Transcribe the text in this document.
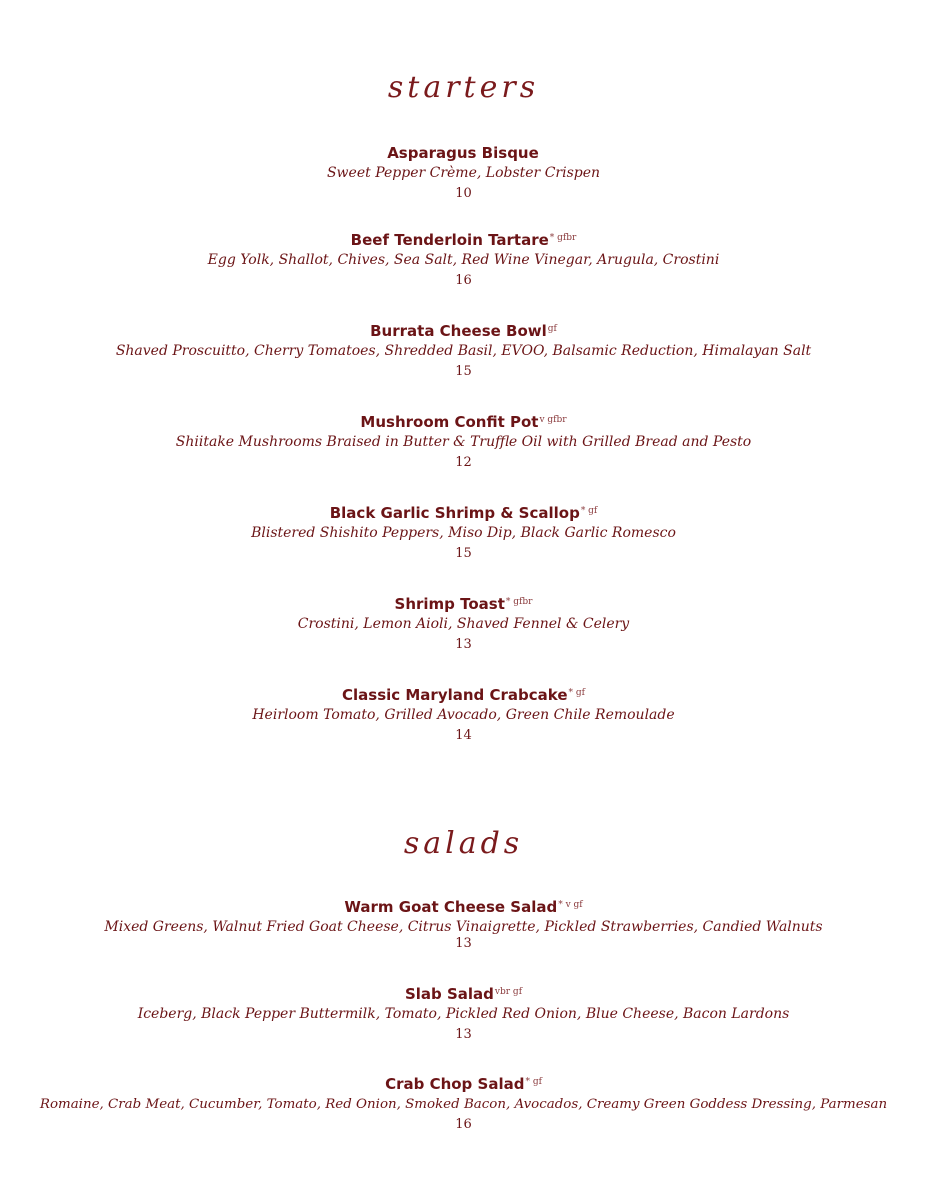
starters
Asparagus Bisque
Sweet Pepper Crème, Lobster Crispen
10
Beef Tenderloin Tartare$^{* gfbr}$
Egg Yolk, Shallot, Chives, Sea Salt, Red Wine Vinegar, Arugula, Crostini
16
Burrata Cheese Bowl$^{gf}$
Shaved Proscuitto, Cherry Tomatoes, Shredded Basil, EVOO, Balsamic Reduction, Himalayan Salt
15
Mushroom Confit Pot$^{v gfbr}$
Shiitake Mushrooms Braised in Butter & Truffle Oil with Grilled Bread and Pesto
12
Black Garlic Shrimp & Scallop$^{* gf}$
Blistered Shishito Peppers, Miso Dip, Black Garlic Romesco
15
Shrimp Toast$^{* gfbr}$
Crostini, Lemon Aioli, Shaved Fennel & Celery
13
Classic Maryland Crabcake$^{* gf}$
Heirloom Tomato, Grilled Avocado, Green Chile Remoulade
14
salads
Warm Goat Cheese Salad$^{* v gf}$
Mixed Greens, Walnut Fried Goat Cheese, Citrus Vinaigrette, Pickled Strawberries, Candied Walnuts
13
Slab Salad$^{vbr gf}$
Iceberg, Black Pepper Buttermilk, Tomato, Pickled Red Onion, Blue Cheese, Bacon Lardons
13
Crab Chop Salad$^{* gf}$
Romaine, Crab Meat, Cucumber, Tomato, Red Onion, Smoked Bacon, Avocados, Creamy Green Goddess Dressing, Parmesan
16
